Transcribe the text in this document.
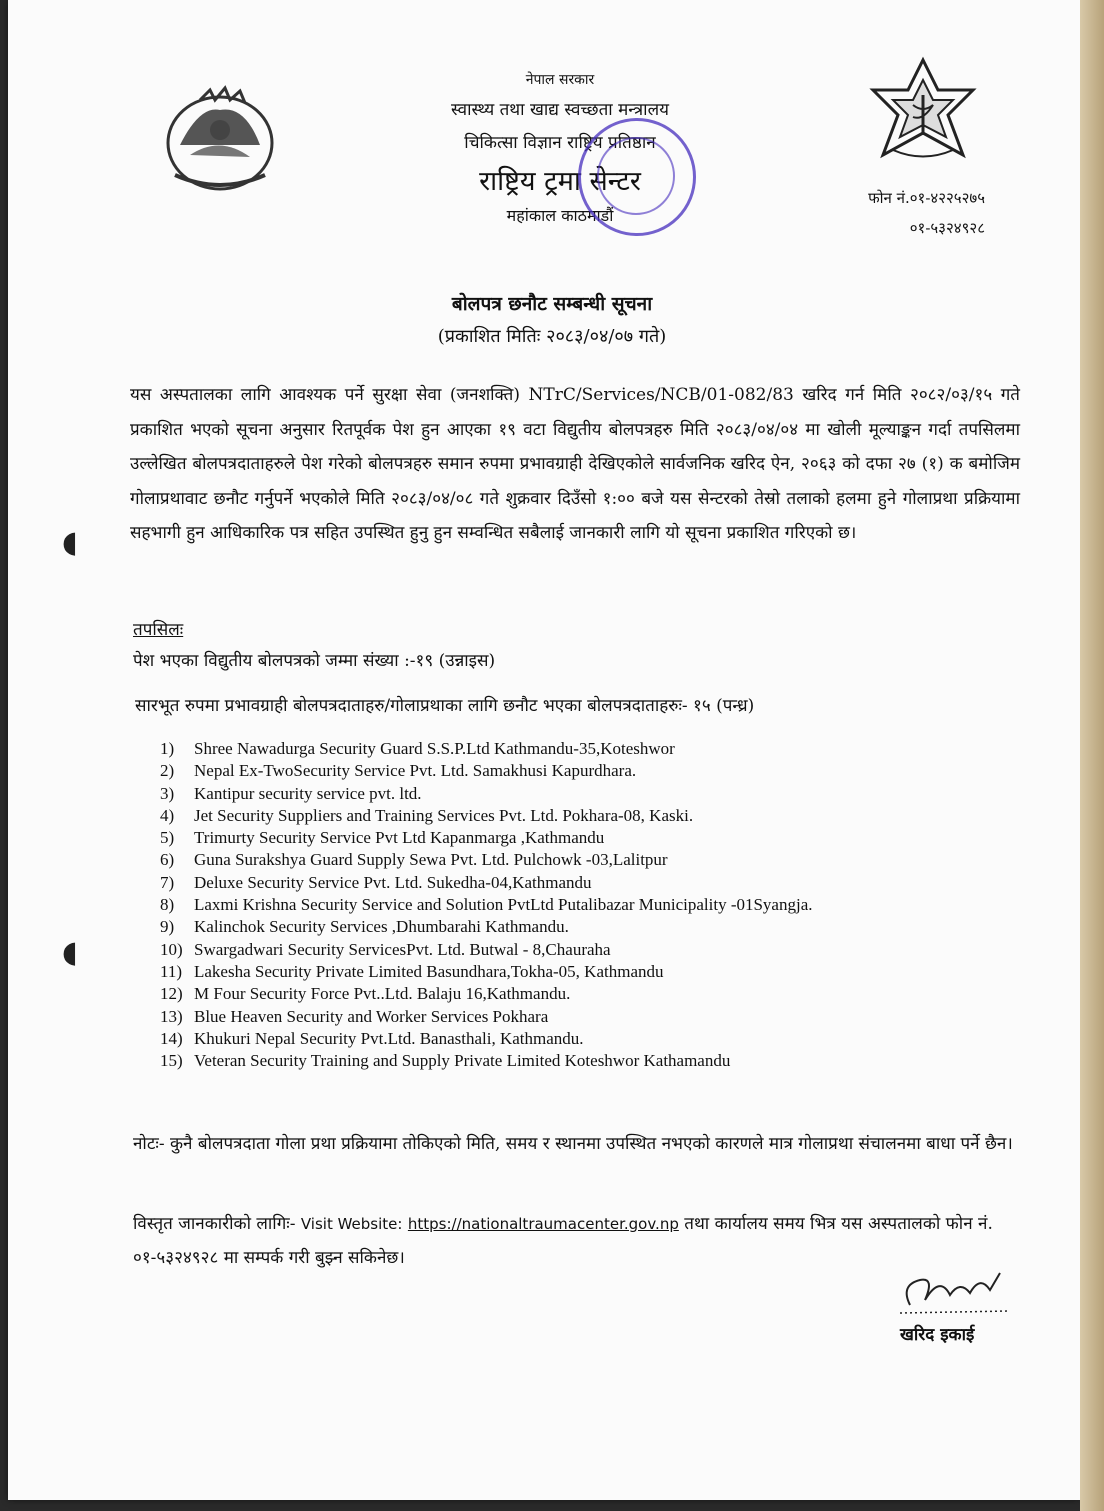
नेपाल सरकार
स्वास्थ्य तथा खाद्य स्वच्छता मन्त्रालय
चिकित्सा विज्ञान राष्ट्रिय प्रतिष्ठान
राष्ट्रिय ट्रमा सेन्टर
महांकाल काठमाडौं
फोन नं.०१-४२२५२७५
०१-५३२४९२८
बोलपत्र छनौट सम्बन्धी सूचना
(प्रकाशित मितिः २०८३/०४/०७ गते)
यस अस्पतालका लागि आवश्यक पर्ने सुरक्षा सेवा (जनशक्ति) NTrC/Services/NCB/01-082/83 खरिद गर्न मिति २०८२/०३/१५ गते प्रकाशित भएको सूचना अनुसार रितपूर्वक पेश हुन आएका १९ वटा विद्युतीय बोलपत्रहरु मिति २०८३/०४/०४ मा खोली मूल्याङ्कन गर्दा तपसिलमा उल्लेखित बोलपत्रदाताहरुले पेश गरेको बोलपत्रहरु समान रुपमा प्रभावग्राही देखिएकोले सार्वजनिक खरिद ऐन, २०६३ को दफा २७ (१) क बमोजिम गोलाप्रथावाट छनौट गर्नुपर्ने भएकोले मिति २०८३/०४/०८ गते शुक्रवार दिउँसो १:०० बजे यस सेन्टरको तेस्रो तलाको हलमा हुने गोलाप्रथा प्रक्रियामा सहभागी हुन आधिकारिक पत्र सहित उपस्थित हुनु हुन सम्वन्धित सबैलाई जानकारी लागि यो सूचना प्रकाशित गरिएको छ।
तपसिलः
पेश भएका विद्युतीय बोलपत्रको जम्मा संख्या :-१९ (उन्नाइस)
सारभूत रुपमा प्रभावग्राही बोलपत्रदाताहरु/गोलाप्रथाका लागि छनौट भएका बोलपत्रदाताहरुः- १५ (पन्ध्र)
1) Shree Nawadurga Security Guard S.S.P.Ltd Kathmandu-35,Koteshwor
2) Nepal Ex-TwoSecurity Service Pvt. Ltd. Samakhusi Kapurdhara.
3) Kantipur security service pvt. ltd.
4) Jet Security Suppliers and Training Services Pvt. Ltd. Pokhara-08, Kaski.
5) Trimurty Security Service Pvt Ltd Kapanmarga ,Kathmandu
6) Guna Surakshya Guard Supply Sewa Pvt. Ltd. Pulchowk -03,Lalitpur
7) Deluxe Security Service Pvt. Ltd. Sukedha-04,Kathmandu
8) Laxmi Krishna Security Service and Solution PvtLtd Putalibazar Municipality -01Syangja.
9) Kalinchok Security Services ,Dhumbarahi Kathmandu.
10) Swargadwari Security ServicesPvt. Ltd. Butwal - 8,Chauraha
11) Lakesha Security Private Limited Basundhara,Tokha-05, Kathmandu
12) M Four Security Force Pvt..Ltd. Balaju 16,Kathmandu.
13) Blue Heaven Security and Worker Services Pokhara
14) Khukuri Nepal Security Pvt.Ltd. Banasthali, Kathmandu.
15) Veteran Security Training and Supply Private Limited Koteshwor Kathamandu
नोटः- कुनै बोलपत्रदाता गोला प्रथा प्रक्रियामा तोकिएको मिति, समय र स्थानमा उपस्थित नभएको कारणले मात्र गोलाप्रथा संचालनमा बाधा पर्ने छैन।
विस्तृत जानकारीको लागिः- Visit Website: https://nationaltraumacenter.gov.np तथा कार्यालय समय भित्र यस अस्पतालको फोन नं. ०१-५३२४९२८ मा सम्पर्क गरी बुझ्न सकिनेछ।
खरिद इकाई
◖
◖
